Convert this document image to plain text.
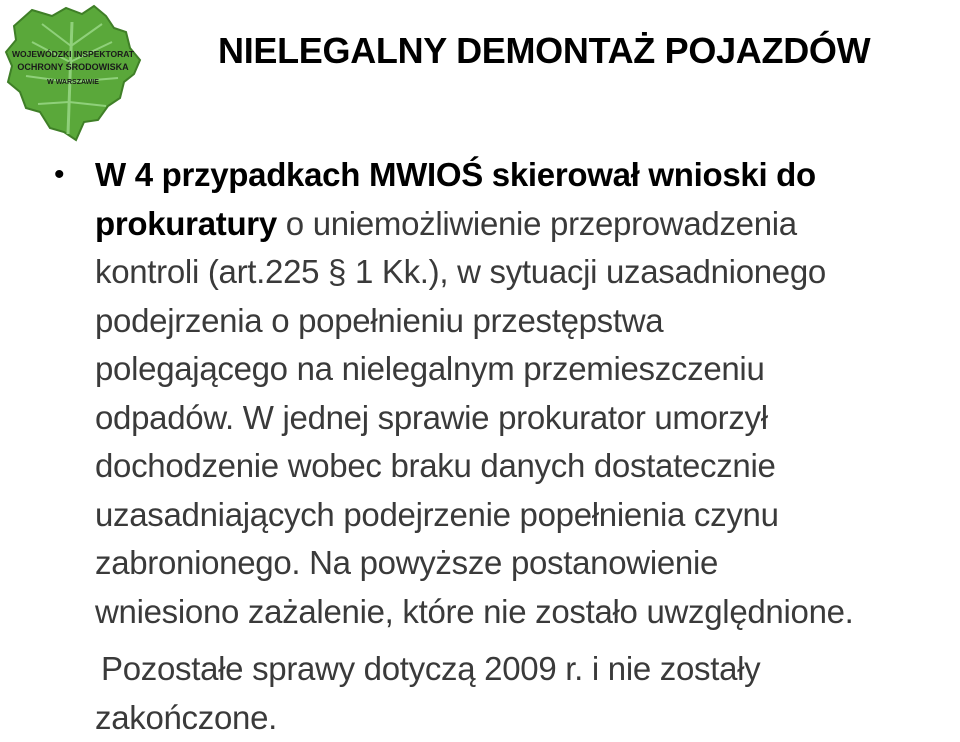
WOJEWÓDZKI INSPEKTORAT
OCHRONY ŚRODOWISKA
W WARSZAWIE
NIELEGALNY DEMONTAŻ POJAZDÓW
• W 4 przypadkach MWIOŚ skierował wnioski do
prokuratury o uniemożliwienie przeprowadzenia
kontroli (art.225 § 1 Kk.), w sytuacji uzasadnionego
podejrzenia o popełnieniu przestępstwa
polegającego na nielegalnym przemieszczeniu
odpadów. W jednej sprawie prokurator umorzył
dochodzenie wobec braku danych dostatecznie
uzasadniających podejrzenie popełnienia czynu
zabronionego. Na powyższe postanowienie
wniesiono zażalenie, które nie zostało uwzględnione.
Pozostałe sprawy dotyczą 2009 r. i nie zostały
zakończone.
